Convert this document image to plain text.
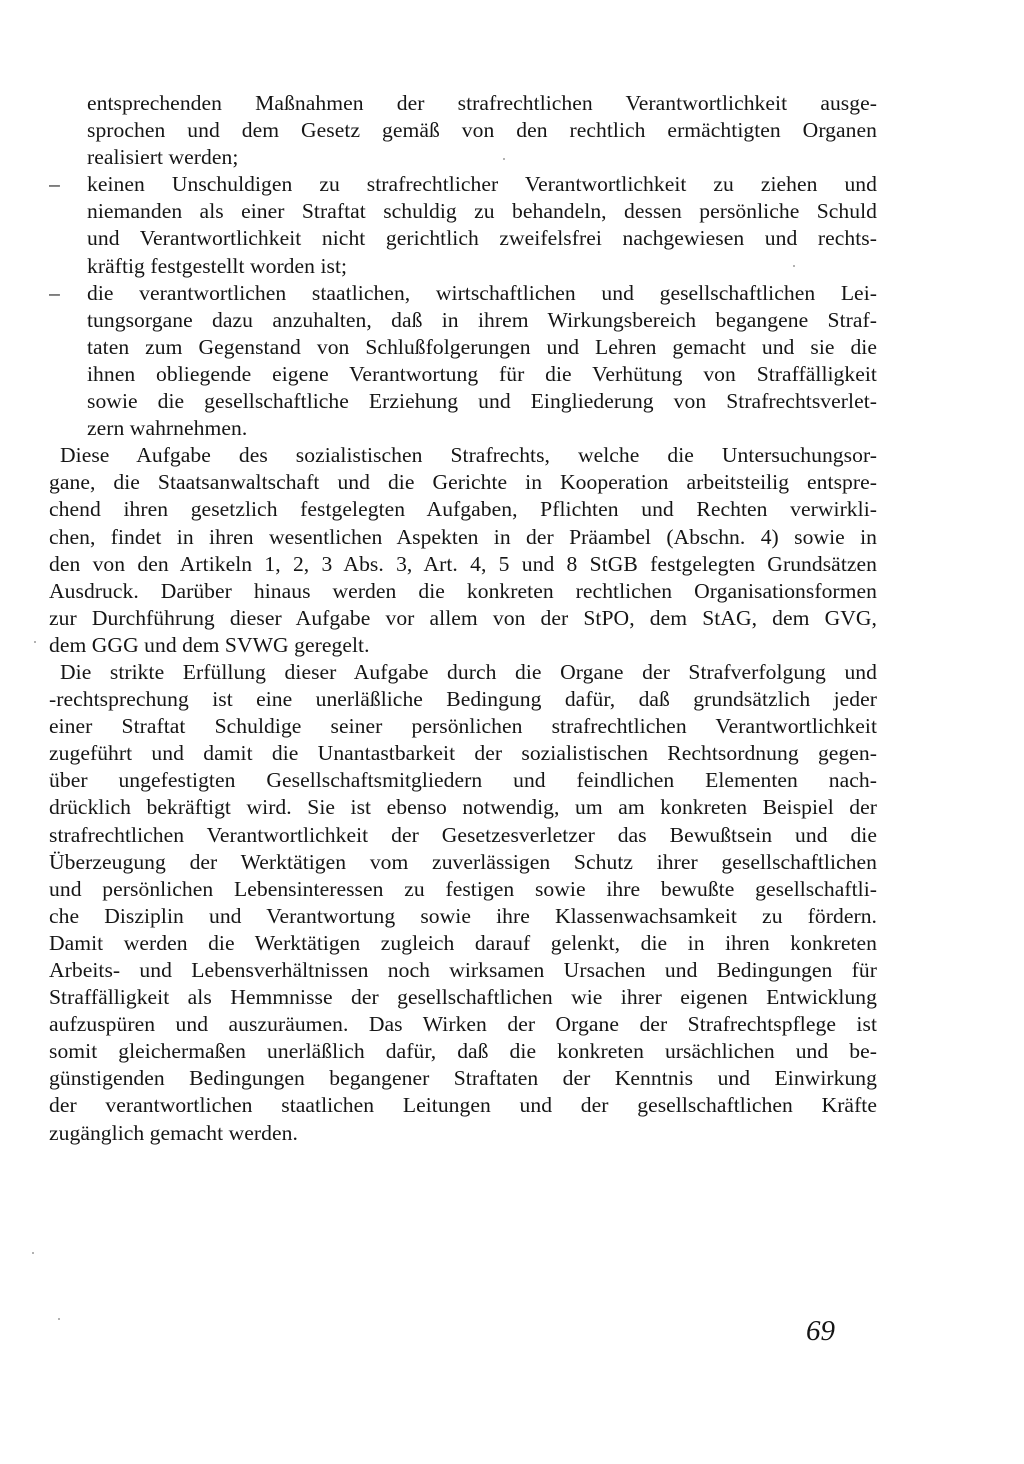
entsprechenden Maßnahmen der strafrechtlichen Verantwortlichkeit ausge-
sprochen und dem Gesetz gemäß von den rechtlich ermächtigten Organen
realisiert werden;
– keinen Unschuldigen zu strafrechtlicher Verantwortlichkeit zu ziehen und
niemanden als einer Straftat schuldig zu behandeln, dessen persönliche Schuld
und Verantwortlichkeit nicht gerichtlich zweifelsfrei nachgewiesen und rechts-
kräftig festgestellt worden ist;
– die verantwortlichen staatlichen, wirtschaftlichen und gesellschaftlichen Lei-
tungsorgane dazu anzuhalten, daß in ihrem Wirkungsbereich begangene Straf-
taten zum Gegenstand von Schlußfolgerungen und Lehren gemacht und sie die
ihnen obliegende eigene Verantwortung für die Verhütung von Straffälligkeit
sowie die gesellschaftliche Erziehung und Eingliederung von Strafrechtsverlet-
zern wahrnehmen.
Diese Aufgabe des sozialistischen Strafrechts, welche die Untersuchungsor-
gane, die Staatsanwaltschaft und die Gerichte in Kooperation arbeitsteilig entspre-
chend ihren gesetzlich festgelegten Aufgaben, Pflichten und Rechten verwirkli-
chen, findet in ihren wesentlichen Aspekten in der Präambel (Abschn. 4) sowie in
den von den Artikeln 1, 2, 3 Abs. 3, Art. 4, 5 und 8 StGB festgelegten Grundsätzen
Ausdruck. Darüber hinaus werden die konkreten rechtlichen Organisationsformen
zur Durchführung dieser Aufgabe vor allem von der StPO, dem StAG, dem GVG,
dem GGG und dem SVWG geregelt.
Die strikte Erfüllung dieser Aufgabe durch die Organe der Strafverfolgung und
-rechtsprechung ist eine unerläßliche Bedingung dafür, daß grundsätzlich jeder
einer Straftat Schuldige seiner persönlichen strafrechtlichen Verantwortlichkeit
zugeführt und damit die Unantastbarkeit der sozialistischen Rechtsordnung gegen-
über ungefestigten Gesellschaftsmitgliedern und feindlichen Elementen nach-
drücklich bekräftigt wird. Sie ist ebenso notwendig, um am konkreten Beispiel der
strafrechtlichen Verantwortlichkeit der Gesetzesverletzer das Bewußtsein und die
Überzeugung der Werktätigen vom zuverlässigen Schutz ihrer gesellschaftlichen
und persönlichen Lebensinteressen zu festigen sowie ihre bewußte gesellschaftli-
che Disziplin und Verantwortung sowie ihre Klassenwachsamkeit zu fördern.
Damit werden die Werktätigen zugleich darauf gelenkt, die in ihren konkreten
Arbeits- und Lebensverhältnissen noch wirksamen Ursachen und Bedingungen für
Straffälligkeit als Hemmnisse der gesellschaftlichen wie ihrer eigenen Entwicklung
aufzuspüren und auszuräumen. Das Wirken der Organe der Strafrechtspflege ist
somit gleichermaßen unerläßlich dafür, daß die konkreten ursächlichen und be-
günstigenden Bedingungen begangener Straftaten der Kenntnis und Einwirkung
der verantwortlichen staatlichen Leitungen und der gesellschaftlichen Kräfte
zugänglich gemacht werden.
69
